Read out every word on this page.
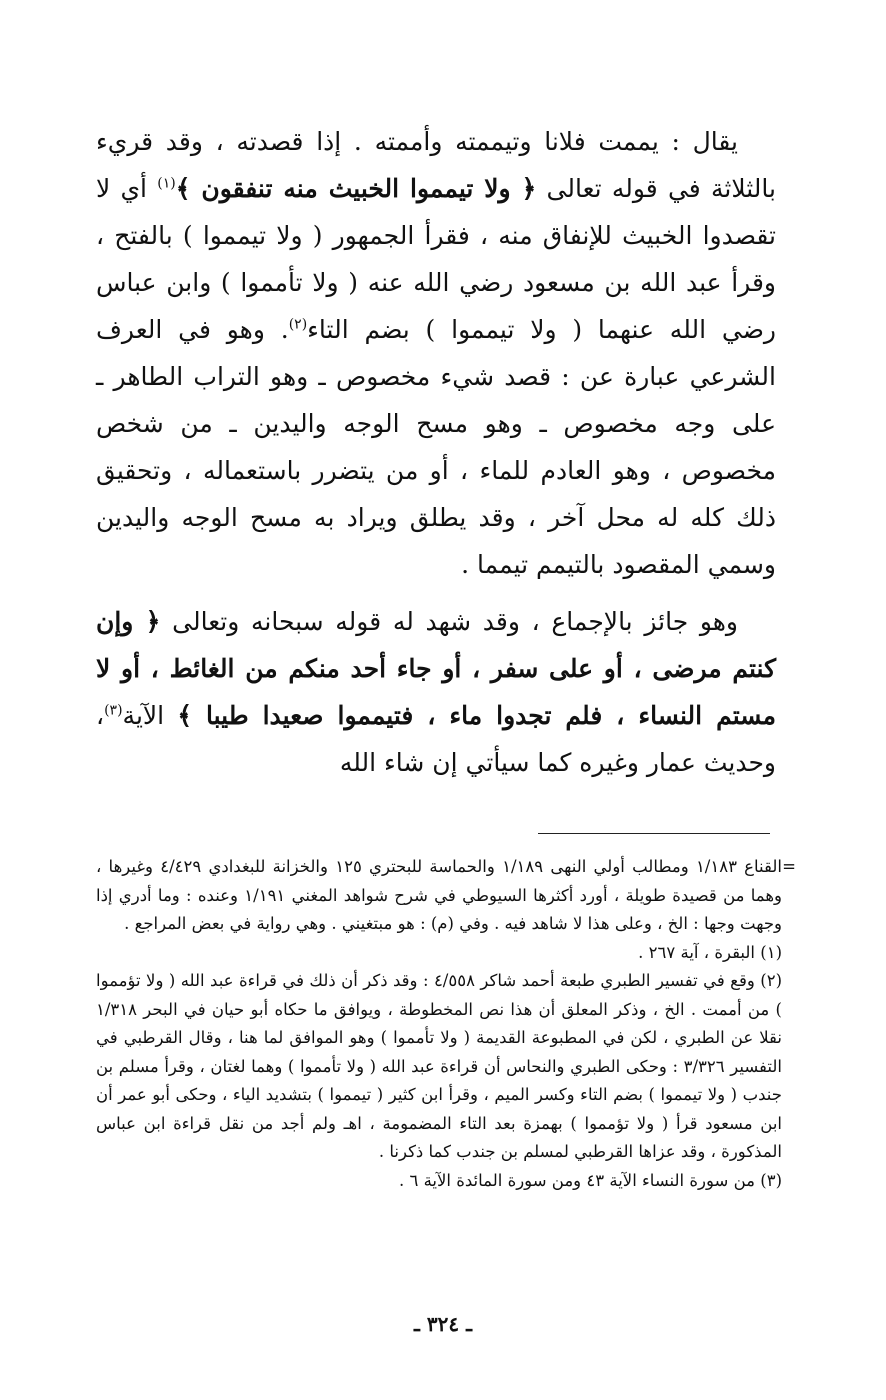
يقال : يممت فلانا وتيممته وأممته . إذا قصدته ، وقد قريء بالثلاثة في قوله تعالى ﴿ ولا تيمموا الخبيث منه تنفقون ﴾$^{(١)}$ أي لا تقصدوا الخبيث للإنفاق منه ، فقرأ الجمهور ( ولا تيمموا ) بالفتح ، وقرأ عبد الله بن مسعود رضي الله عنه ( ولا تأمموا ) وابن عباس رضي الله عنهما ( ولا تيمموا ) بضم التاء$^{(٢)}$. وهو في العرف الشرعي عبارة عن : قصد شيء مخصوص ـ وهو التراب الطاهر ـ على وجه مخصوص ـ وهو مسح الوجه واليدين ـ من شخص مخصوص ، وهو العادم للماء ، أو من يتضرر باستعماله ، وتحقيق ذلك كله له محل آخر ، وقد يطلق ويراد به مسح الوجه واليدين وسمي المقصود بالتيمم تيمما .

وهو جائز بالإجماع ، وقد شهد له قوله سبحانه وتعالى ﴿ وإن كنتم مرضى ، أو على سفر ، أو جاء أحد منكم من الغائط ، أو لا مستم النساء ، فلم تجدوا ماء ، فتيمموا صعيدا طيبا ﴾ الآية$^{(٣)}$، وحديث عمار وغيره كما سيأتي إن شاء الله

=
القناع ١/١٨٣ ومطالب أولي النهى ١/١٨٩ والحماسة للبحتري ١٢٥ والخزانة للبغدادي ٤/٤٢٩ وغيرها ، وهما من قصيدة طويلة ، أورد أكثرها السيوطي في شرح شواهد المغني ١/١٩١ وعنده : وما أدري إذا وجهت وجها : الخ ، وعلى هذا لا شاهد فيه . وفي (م) : هو مبتغيني . وهي رواية في بعض المراجع .

(١) البقرة ، آية ٢٦٧ .

(٢) وقع في تفسير الطبري طبعة أحمد شاكر ٤/٥٥٨ : وقد ذكر أن ذلك في قراءة عبد الله ( ولا تؤمموا ) من أممت . الخ ، وذكر المعلق أن هذا نص المخطوطة ، ويوافق ما حكاه أبو حيان في البحر ١/٣١٨ نقلا عن الطبري ، لكن في المطبوعة القديمة ( ولا تأمموا ) وهو الموافق لما هنا ، وقال القرطبي في التفسير ٣/٣٢٦ : وحكى الطبري والنحاس أن قراءة عبد الله ( ولا تأمموا ) وهما لغتان ، وقرأ مسلم بن جندب ( ولا تيمموا ) بضم التاء وكسر الميم ، وقرأ ابن كثير ( تيمموا ) بتشديد الياء ، وحكى أبو عمر أن ابن مسعود قرأ ( ولا تؤمموا ) بهمزة بعد التاء المضمومة ، اهـ ولم أجد من نقل قراءة ابن عباس المذكورة ، وقد عزاها القرطبي لمسلم بن جندب كما ذكرنا .

(٣) من سورة النساء الآية ٤٣ ومن سورة المائدة الآية ٦ .

ـ ٣٢٤ ـ
